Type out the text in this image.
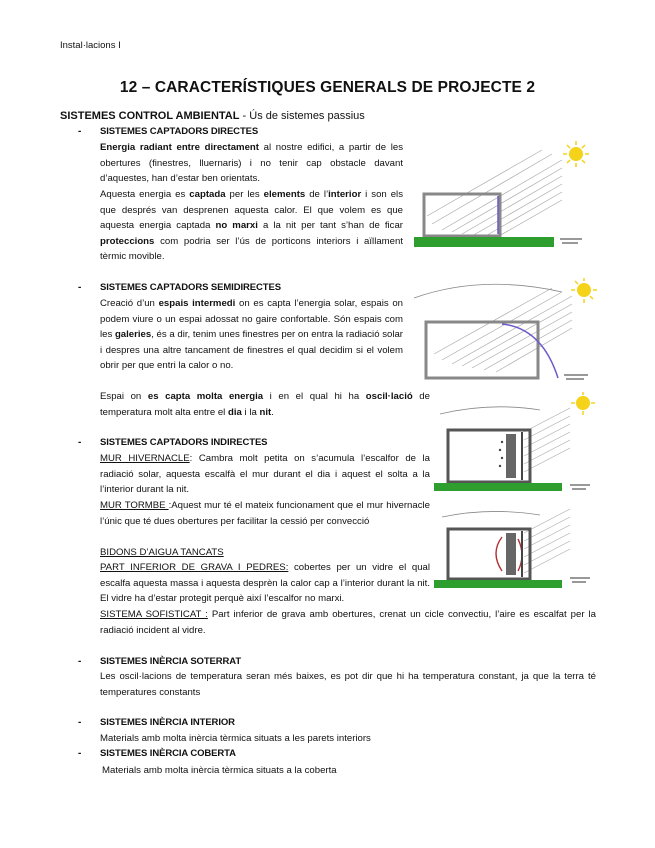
Instal·lacions I
12 – CARACTERÍSTIQUES GENERALS DE PROJECTE 2
SISTEMES CONTROL AMBIENTAL - Ús de sistemes passius
- SISTEMES CAPTADORS DIRECTES

Energia radiant entre directament al nostre edifici, a partir de les obertures (finestres, lluernaris) i no tenir cap obstacle davant d’aquestes, han d’estar ben orientats.

Aquesta energia es captada per les elements de l’interior i son els que després van desprenen aquesta calor. El que volem es que aquesta energia captada no marxi a la nit per tant s’han de ficar proteccions com podria ser l’ús de porticons interiors i aïllament tèrmic movible.

- SISTEMES CAPTADORS SEMIDIRECTES

Creació d’un espais intermedi on es capta l’energia solar, espais on podem viure o un espai adossat no gaire confortable. Són espais com les galeries, és a dir, tenim unes finestres per on entra la radiació solar i despres una altre tancament de finestres el qual decidim si el volem obrir per que entri la calor o no.

Espai on es capta molta energia i en el qual hi ha oscil·lació de temperatura molt alta entre el dia i la nit.

- SISTEMES CAPTADORS INDIRECTES

MUR HIVERNACLE: Cambra molt petita on s’acumula l’escalfor de la radiació solar, aquesta escalfà el mur durant el dia i aquest el solta a la l’interior durant la nit.

MUR TORMBE :Aquest mur té el mateix funcionament que el mur hivernacle l’únic que té dues obertures per facilitar la cessió per convecció

BIDONS D’AIGUA TANCATS

PART INFERIOR DE GRAVA I PEDRES: cobertes per un vidre el qual escalfa aquesta massa i aquesta desprèn la calor cap a l’interior durant la nit. El vidre ha d’estar protegit perquè així l’escalfor no marxi.

SISTEMA SOFISTICAT : Part inferior de grava amb obertures, crenat un cicle convectiu, l’aire es escalfat per la radiació incident al vidre.

- SISTEMES INÈRCIA SOTERRAT

Les oscil·lacions de temperatura seran més baixes, es pot dir que hi ha temperatura constant, ja que la terra té temperatures constants

- SISTEMES INÈRCIA INTERIOR
Materials amb molta inèrcia tèrmica situats a les parets interiors
- SISTEMES INÈRCIA COBERTA
Materials amb molta inèrcia tèrmica situats a la coberta
